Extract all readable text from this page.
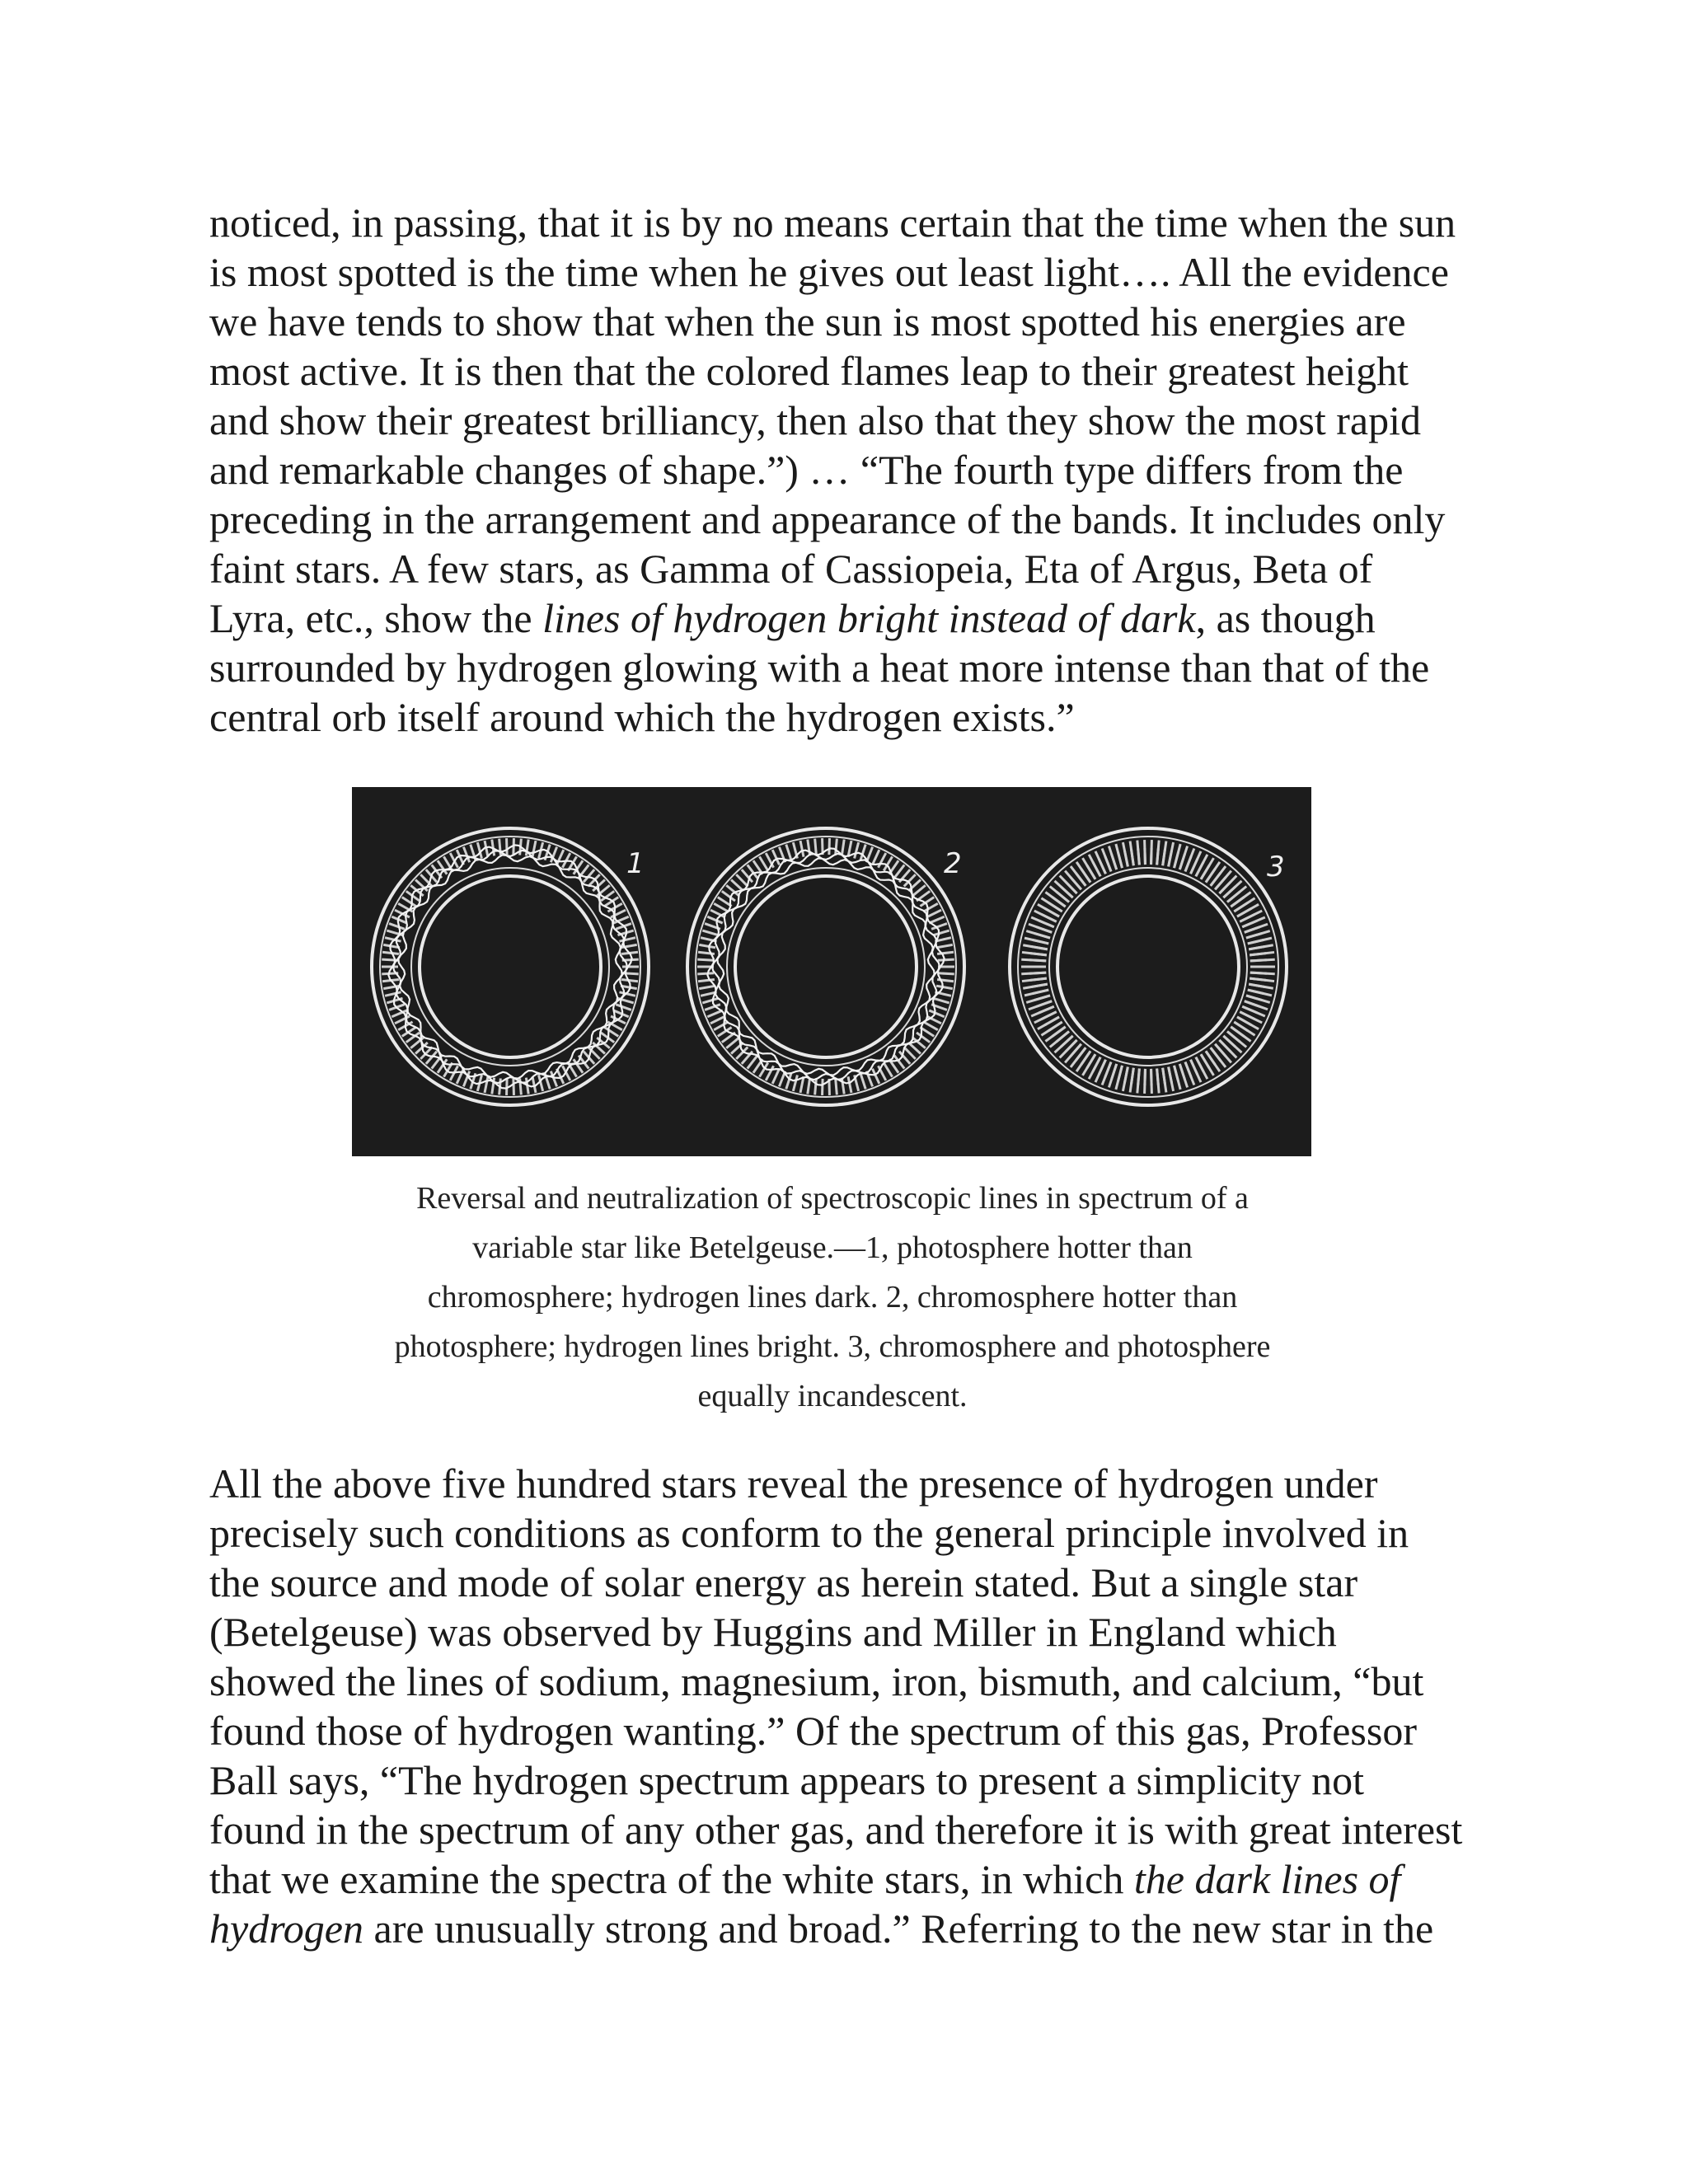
noticed, in passing, that it is by no means certain that the time when the sun
is most spotted is the time when he gives out least light…. All the evidence
we have tends to show that when the sun is most spotted his energies are
most active. It is then that the colored flames leap to their greatest height
and show their greatest brilliancy, then also that they show the most rapid
and remarkable changes of shape.”) … “The fourth type differs from the
preceding in the arrangement and appearance of the bands. It includes only
faint stars. A few stars, as Gamma of Cassiopeia, Eta of Argus, Beta of
Lyra, etc., show the lines of hydrogen bright instead of dark, as though
surrounded by hydrogen glowing with a heat more intense than that of the
central orb itself around which the hydrogen exists.”
1	2	3
Reversal and neutralization of spectroscopic lines in spectrum of a
variable star like Betelgeuse.—1, photosphere hotter than
chromosphere; hydrogen lines dark. 2, chromosphere hotter than
photosphere; hydrogen lines bright. 3, chromosphere and photosphere
equally incandescent.
All the above five hundred stars reveal the presence of hydrogen under
precisely such conditions as conform to the general principle involved in
the source and mode of solar energy as herein stated. But a single star
(Betelgeuse) was observed by Huggins and Miller in England which
showed the lines of sodium, magnesium, iron, bismuth, and calcium, “but
found those of hydrogen wanting.” Of the spectrum of this gas, Professor
Ball says, “The hydrogen spectrum appears to present a simplicity not
found in the spectrum of any other gas, and therefore it is with great interest
that we examine the spectra of the white stars, in which the dark lines of
hydrogen are unusually strong and broad.” Referring to the new star in the
